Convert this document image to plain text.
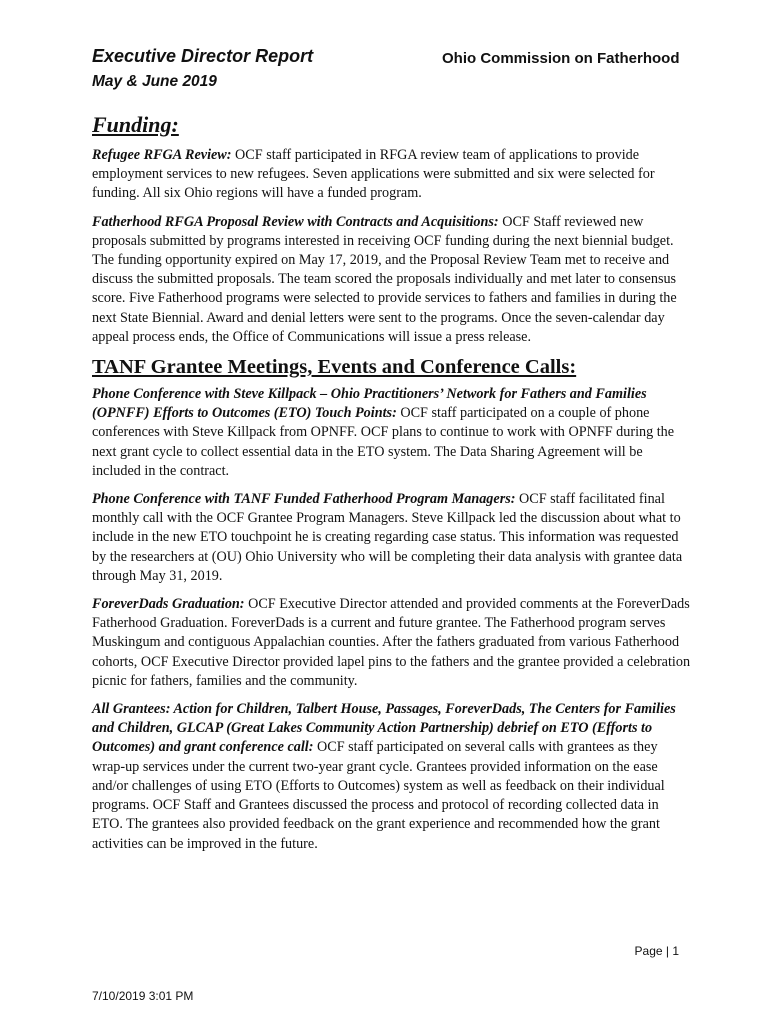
Executive Director Report
May & June 2019
Ohio Commission on Fatherhood
Funding:

Refugee RFGA Review: OCF staff participated in RFGA review team of applications to provide employment services to new refugees. Seven applications were submitted and six were selected for funding. All six Ohio regions will have a funded program.

Fatherhood RFGA Proposal Review with Contracts and Acquisitions: OCF Staff reviewed new proposals submitted by programs interested in receiving OCF funding during the next biennial budget. The funding opportunity expired on May 17, 2019, and the Proposal Review Team met to receive and discuss the submitted proposals. The team scored the proposals individually and met later to consensus score. Five Fatherhood programs were selected to provide services to fathers and families in during the next State Biennial. Award and denial letters were sent to the programs. Once the seven-calendar day appeal process ends, the Office of Communications will issue a press release.

TANF Grantee Meetings, Events and Conference Calls:

Phone Conference with Steve Killpack – Ohio Practitioners’ Network for Fathers and Families (OPNFF) Efforts to Outcomes (ETO) Touch Points: OCF staff participated on a couple of phone conferences with Steve Killpack from OPNFF. OCF plans to continue to work with OPNFF during the next grant cycle to collect essential data in the ETO system. The Data Sharing Agreement will be included in the contract.

Phone Conference with TANF Funded Fatherhood Program Managers: OCF staff facilitated final monthly call with the OCF Grantee Program Managers. Steve Killpack led the discussion about what to include in the new ETO touchpoint he is creating regarding case status. This information was requested by the researchers at (OU) Ohio University who will be completing their data analysis with grantee data through May 31, 2019.

ForeverDads Graduation: OCF Executive Director attended and provided comments at the ForeverDads Fatherhood Graduation. ForeverDads is a current and future grantee. The Fatherhood program serves Muskingum and contiguous Appalachian counties. After the fathers graduated from various Fatherhood cohorts, OCF Executive Director provided lapel pins to the fathers and the grantee provided a celebration picnic for fathers, families and the community.

All Grantees: Action for Children, Talbert House, Passages, ForeverDads, The Centers for Families and Children, GLCAP (Great Lakes Community Action Partnership) debrief on ETO (Efforts to Outcomes) and grant conference call: OCF staff participated on several calls with grantees as they wrap-up services under the current two-year grant cycle. Grantees provided information on the ease and/or challenges of using ETO (Efforts to Outcomes) system as well as feedback on their individual programs. OCF Staff and Grantees discussed the process and protocol of recording collected data in ETO. The grantees also provided feedback on the grant experience and recommended how the grant activities can be improved in the future.

Page | 1
7/10/2019 3:01 PM
